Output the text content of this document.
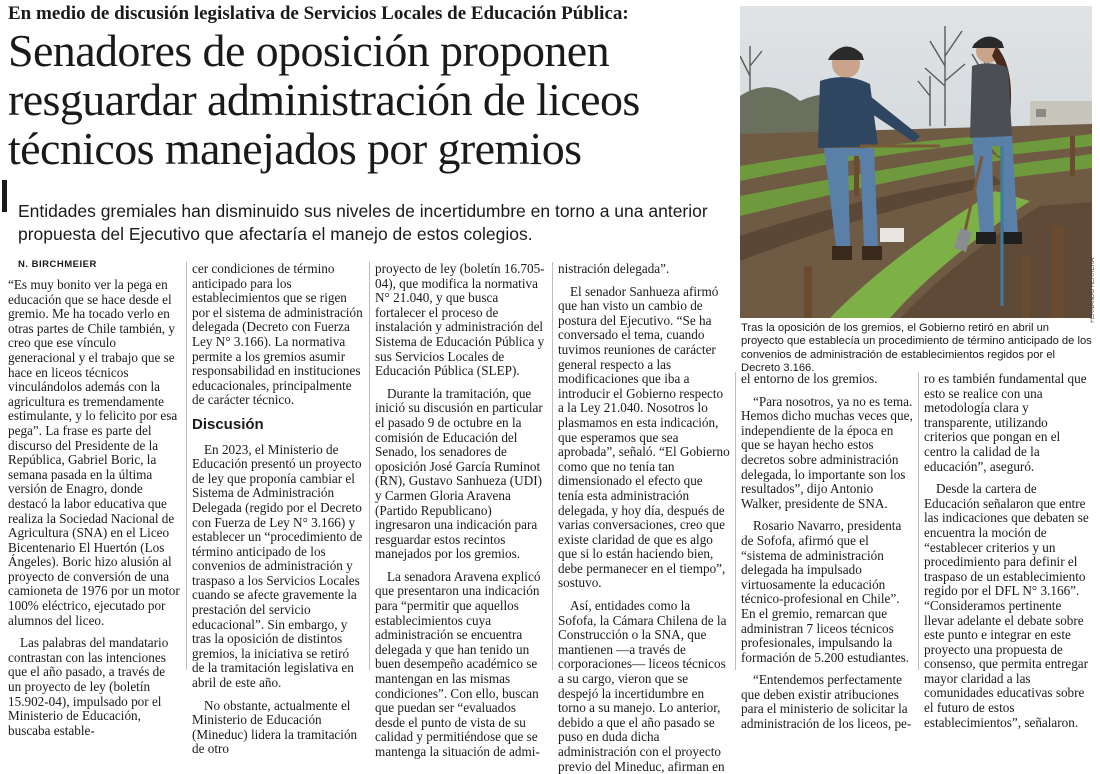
En medio de discusión legislativa de Servicios Locales de Educación Pública:
Senadores de oposición proponen
resguardar administración de liceos
técnicos manejados por gremios
Entidades gremiales han disminuido sus niveles de incertidumbre en torno a una anterior propuesta del Ejecutivo que afectaría el manejo de estos colegios.
N. BIRCHMEIER

“Es muy bonito ver la pega en educación que se hace desde el gremio. Me ha tocado verlo en otras partes de Chile también, y creo que ese vínculo generacional y el trabajo que se hace en liceos técnicos vinculándolos además con la agricultura es tremendamente estimulante, y lo felicito por esa pega”. La frase es parte del discurso del Presidente de la República, Gabriel Boric, la semana pasada en la última versión de Enagro, donde destacó la labor educativa que realiza la Sociedad Nacional de Agricultura (SNA) en el Liceo Bicentenario El Huertón (Los Ángeles). Boric hizo alusión al proyecto de conversión de una camioneta de 1976 por un motor 100% eléctrico, ejecutado por alumnos del liceo.

Las palabras del mandatario contrastan con las intenciones que el año pasado, a través de un proyecto de ley (boletín 15.902-04), impulsado por el Ministerio de Educación, buscaba estable-

cer condiciones de término anticipado para los establecimientos que se rigen por el sistema de administración delegada (Decreto con Fuerza Ley N° 3.166). La normativa permite a los gremios asumir responsabilidad en instituciones educacionales, principalmente de carácter técnico.

Discusión

En 2023, el Ministerio de Educación presentó un proyecto de ley que proponía cambiar el Sistema de Administración Delegada (regido por el Decreto con Fuerza de Ley N° 3.166) y establecer un “procedimiento de término anticipado de los convenios de administración y traspaso a los Servicios Locales cuando se afecte gravemente la prestación del servicio educacional”. Sin embargo, y tras la oposición de distintos gremios, la iniciativa se retiró de la tramitación legislativa en abril de este año.

No obstante, actualmente el Ministerio de Educación (Mineduc) lidera la tramitación de otro

proyecto de ley (boletín 16.705-04), que modifica la normativa N° 21.040, y que busca fortalecer el proceso de instalación y administración del Sistema de Educación Pública y sus Servicios Locales de Educación Pública (SLEP).

Durante la tramitación, que inició su discusión en particular el pasado 9 de octubre en la comisión de Educación del Senado, los senadores de oposición José García Ruminot (RN), Gustavo Sanhueza (UDI) y Carmen Gloria Aravena (Partido Republicano) ingresaron una indicación para resguardar estos recintos manejados por los gremios.

La senadora Aravena explicó que presentaron una indicación para “permitir que aquellos establecimientos cuya administración se encuentra delegada y que han tenido un buen desempeño académico se mantengan en las mismas condiciones”. Con ello, buscan que puedan ser “evaluados desde el punto de vista de su calidad y permitiéndose que se mantenga la situación de admi-

nistración delegada”.

El senador Sanhueza afirmó que han visto un cambio de postura del Ejecutivo. “Se ha conversado el tema, cuando tuvimos reuniones de carácter general respecto a las modificaciones que iba a introducir el Gobierno respecto a la Ley 21.040. Nosotros lo plasmamos en esta indicación, que esperamos que sea aprobada”, señaló. “El Gobierno como que no tenía tan dimensionado el efecto que tenía esta administración delegada, y hoy día, después de varias conversaciones, creo que existe claridad de que es algo que si lo están haciendo bien, debe permanecer en el tiempo”, sostuvo.

Así, entidades como la Sofofa, la Cámara Chilena de la Construcción o la SNA, que mantienen —a través de corporaciones— liceos técnicos a su cargo, vieron que se despejó la incertidumbre en torno a su manejo. Lo anterior, debido a que el año pasado se puso en duda dicha administración con el proyecto previo del Mineduc, afirman en

FERNANDO HERRERA
Tras la oposición de los gremios, el Gobierno retiró en abril un proyecto que establecía un procedimiento de término anticipado de los convenios de administración de establecimientos regidos por el Decreto 3.166.

el entorno de los gremios.

“Para nosotros, ya no es tema. Hemos dicho muchas veces que, independiente de la época en que se hayan hecho estos decretos sobre administración delegada, lo importante son los resultados”, dijo Antonio Walker, presidente de SNA.

Rosario Navarro, presidenta de Sofofa, afirmó que el “sistema de administración delegada ha impulsado virtuosamente la educación técnico-profesional en Chile”. En el gremio, remarcan que administran 7 liceos técnicos profesionales, impulsando la formación de 5.200 estudiantes.

“Entendemos perfectamente que deben existir atribuciones para el ministerio de solicitar la administración de los liceos, pe-

ro es también fundamental que esto se realice con una metodología clara y transparente, utilizando criterios que pongan en el centro la calidad de la educación”, aseguró.

Desde la cartera de Educación señalaron que entre las indicaciones que debaten se encuentra la moción de “establecer criterios y un procedimiento para definir el traspaso de un establecimiento regido por el DFL N° 3.166”. “Consideramos pertinente llevar adelante el debate sobre este punto e integrar en este proyecto una propuesta de consenso, que permita entregar mayor claridad a las comunidades educativas sobre el futuro de estos establecimientos”, señalaron.
